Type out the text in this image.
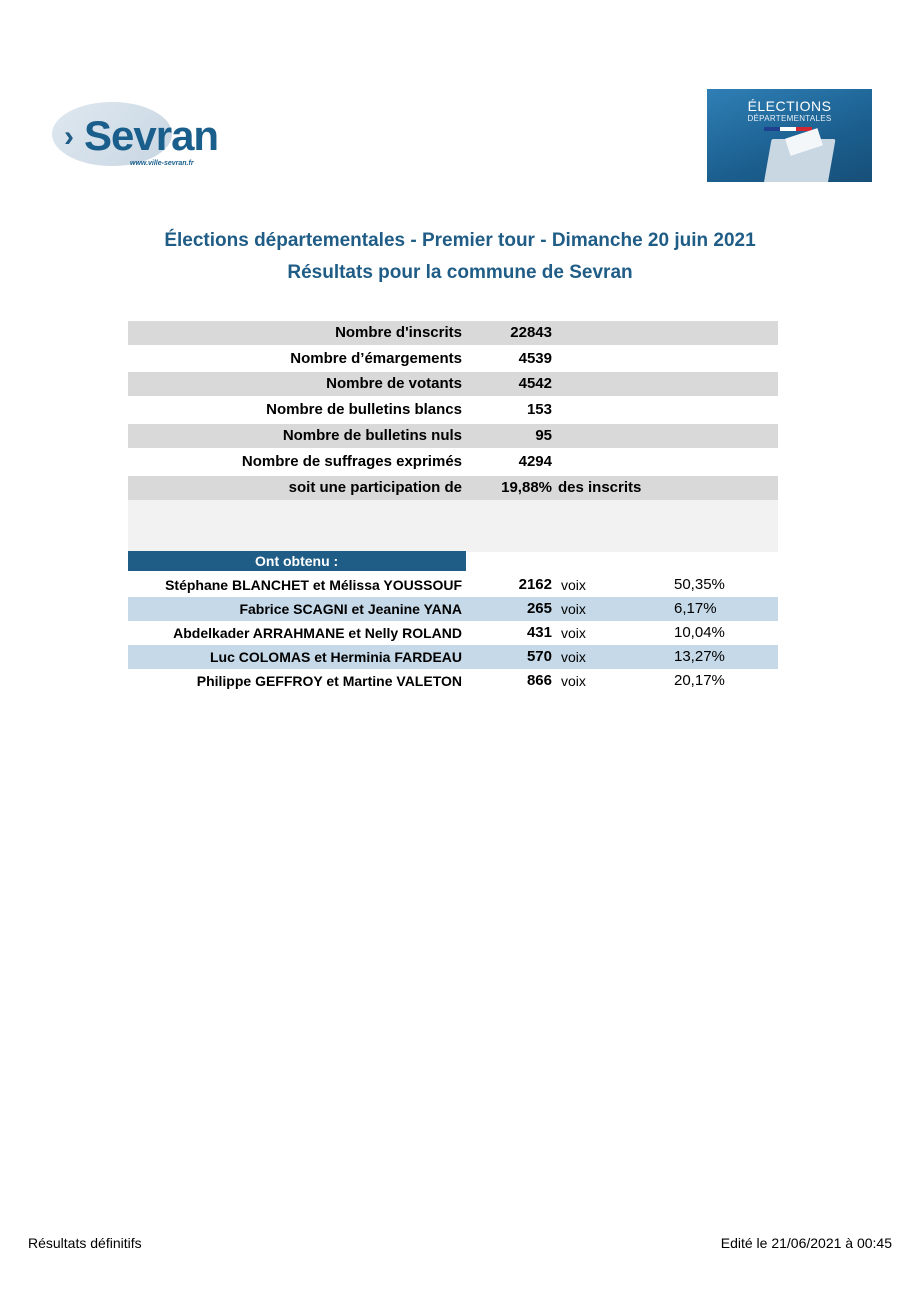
› Sevran
www.ville-sevran.fr
ÉLECTIONS
DÉPARTEMENTALES
Élections départementales - Premier tour - Dimanche 20 juin 2021
Résultats pour la commune de Sevran
Nombre d'inscrits	22843
Nombre d’émargements	4539
Nombre de votants	4542
Nombre de bulletins blancs	153
Nombre de bulletins nuls	95
Nombre de suffrages exprimés	4294
soit une participation de	19,88% des inscrits
Ont obtenu :
Stéphane BLANCHET et Mélissa YOUSSOUF	2162 voix	50,35%
Fabrice SCAGNI et Jeanine YANA	265 voix	6,17%
Abdelkader ARRAHMANE et Nelly ROLAND	431 voix	10,04%
Luc COLOMAS et Herminia FARDEAU	570 voix	13,27%
Philippe GEFFROY et Martine VALETON	866 voix	20,17%
Résultats définitifs	Edité le 21/06/2021 à 00:45
